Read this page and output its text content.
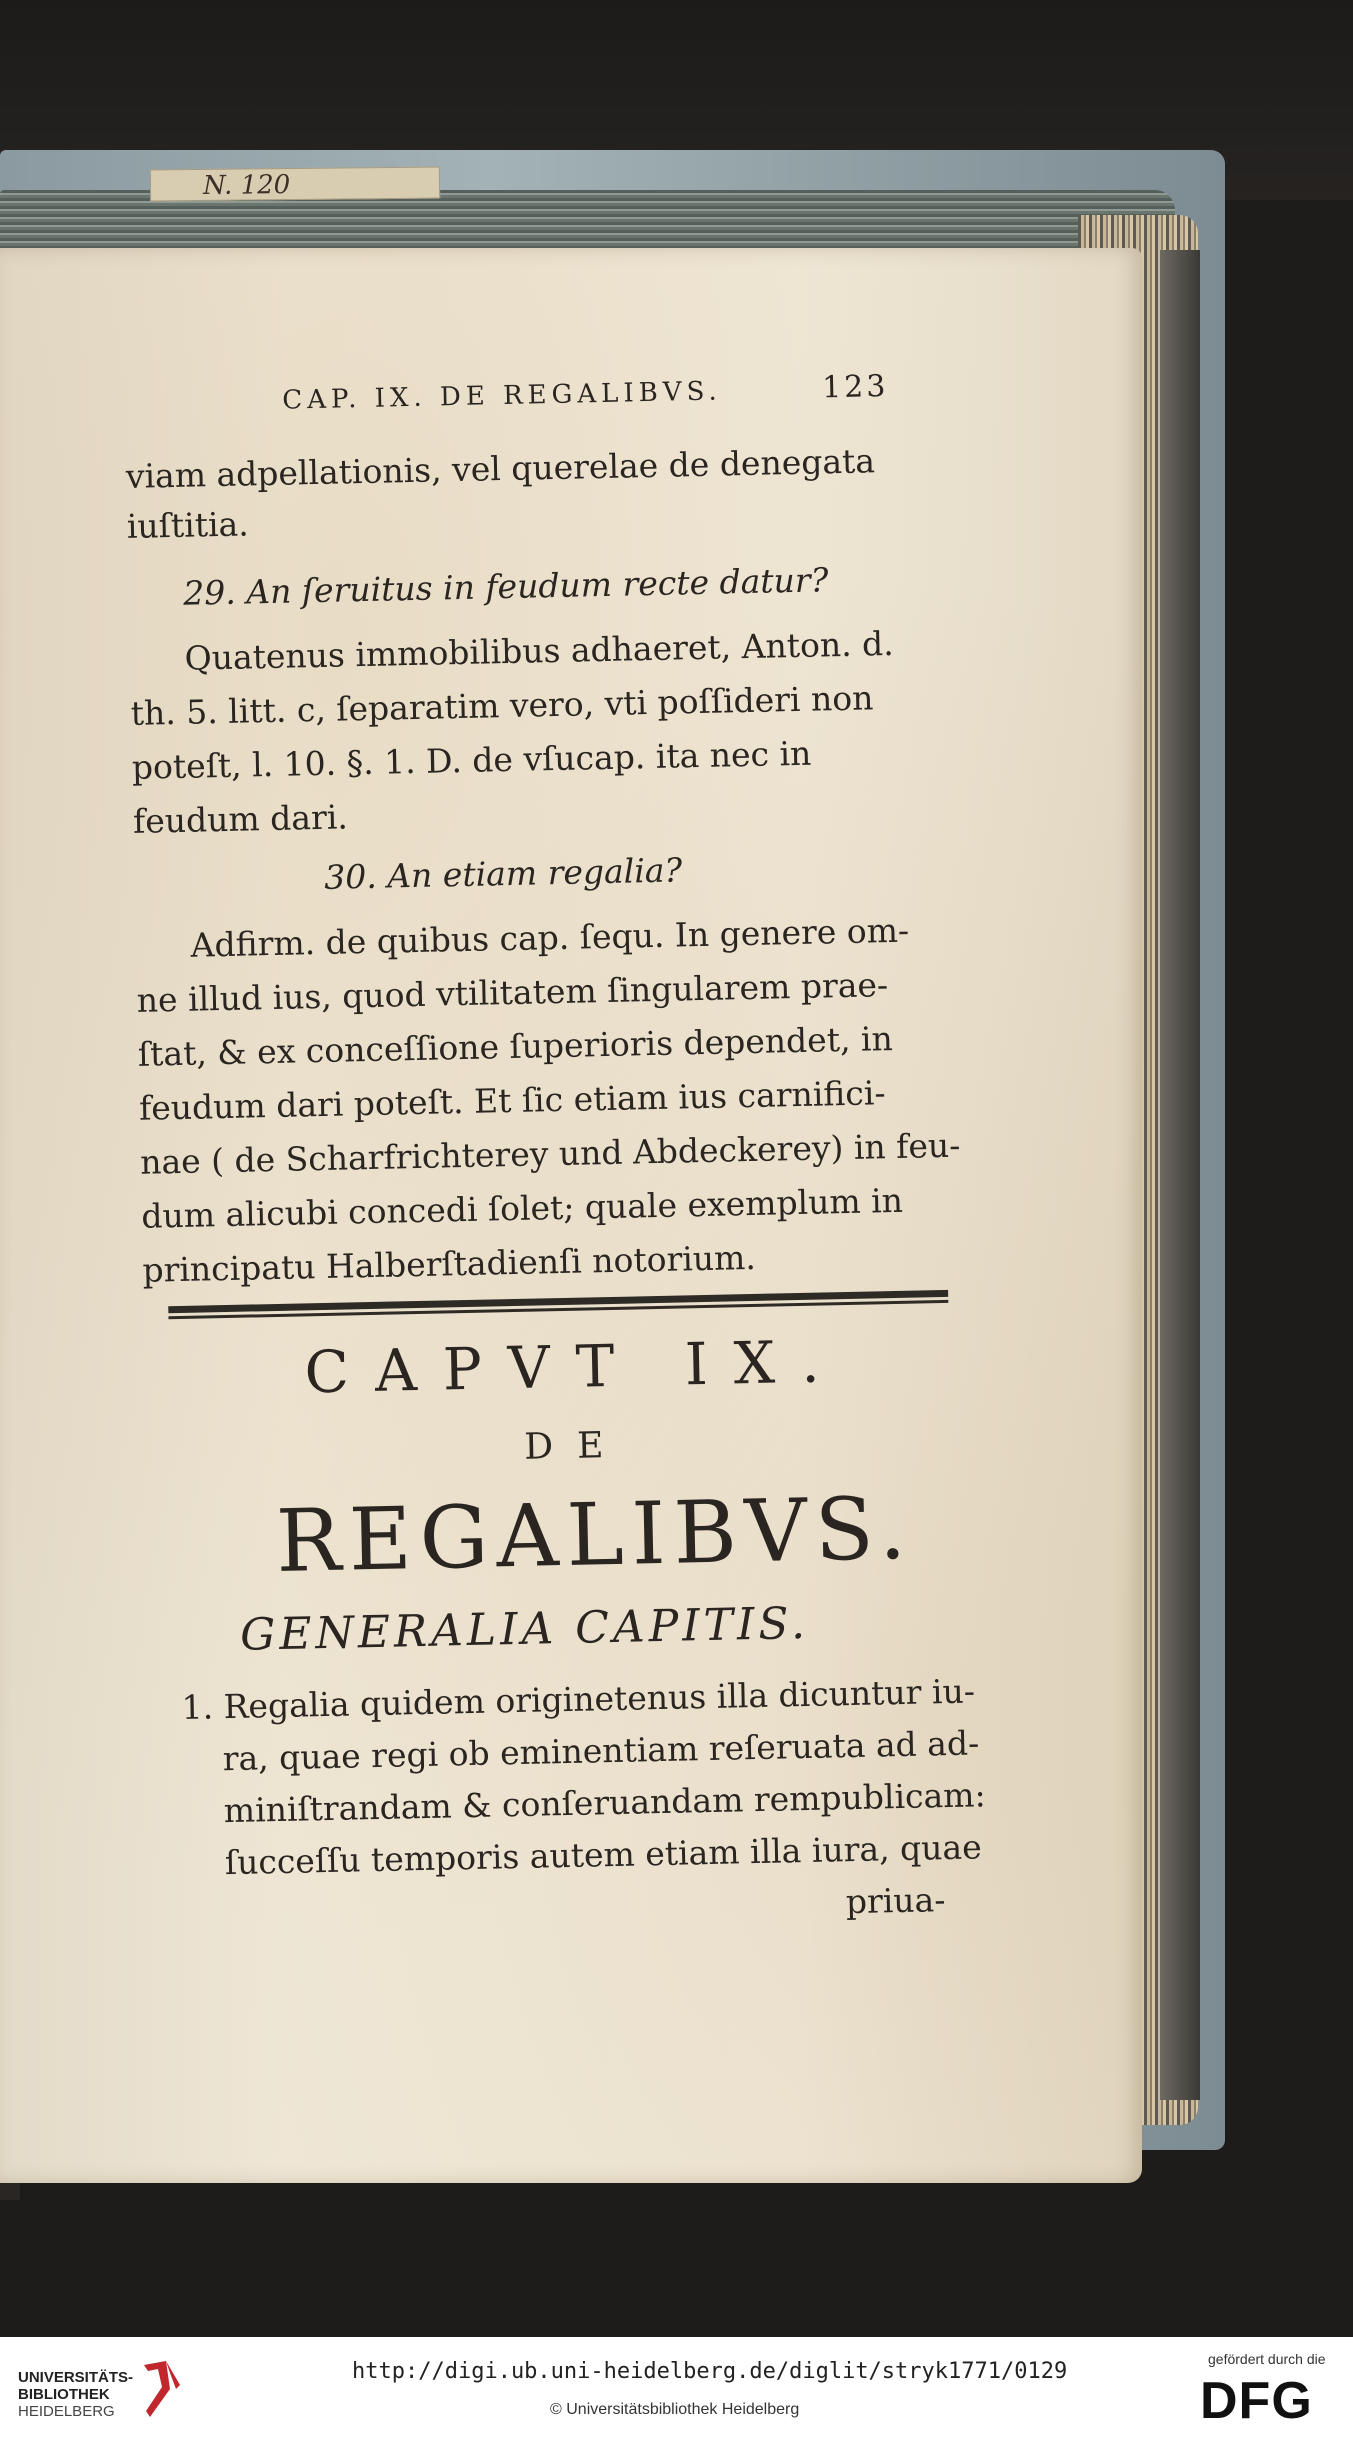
N. 120
CAP. IX. DE REGALIBVS.	123
viam adpellationis, vel querelae de denegata
iuſtitia.
29. An ſeruitus in feudum recte datur?
Quatenus immobilibus adhaeret, Anton. d.
th. 5. litt. c, ſeparatim vero, vti poſſideri non
poteſt, l. 10. §. 1. D. de vſucap. ita nec in
feudum dari.
30. An etiam regalia?
Adfirm. de quibus cap. ſequ. In genere om-
ne illud ius, quod vtilitatem ſingularem prae-
ſtat, & ex conceſſione ſuperioris dependet, in
feudum dari poteſt. Et ſic etiam ius carnifici-
nae ( de Scharfrichterey und Abdeckerey) in feu-
dum alicubi concedi ſolet; quale exemplum in
principatu Halberſtadienſi notorium.
CAPVT IX.
DE
REGALIBVS.
GENERALIA CAPITIS.
1. Regalia quidem originetenus illa dicuntur iu-
ra, quae regi ob eminentiam reſeruata ad ad-
miniſtrandam & conſeruandam rempublicam:
ſucceſſu temporis autem etiam illa iura, quae
priua-
UNIVERSITÄTS-
BIBLIOTHEK
HEIDELBERG
http://digi.ub.uni-heidelberg.de/diglit/stryk1771/0129
© Universitätsbibliothek Heidelberg
gefördert durch die
DFG
